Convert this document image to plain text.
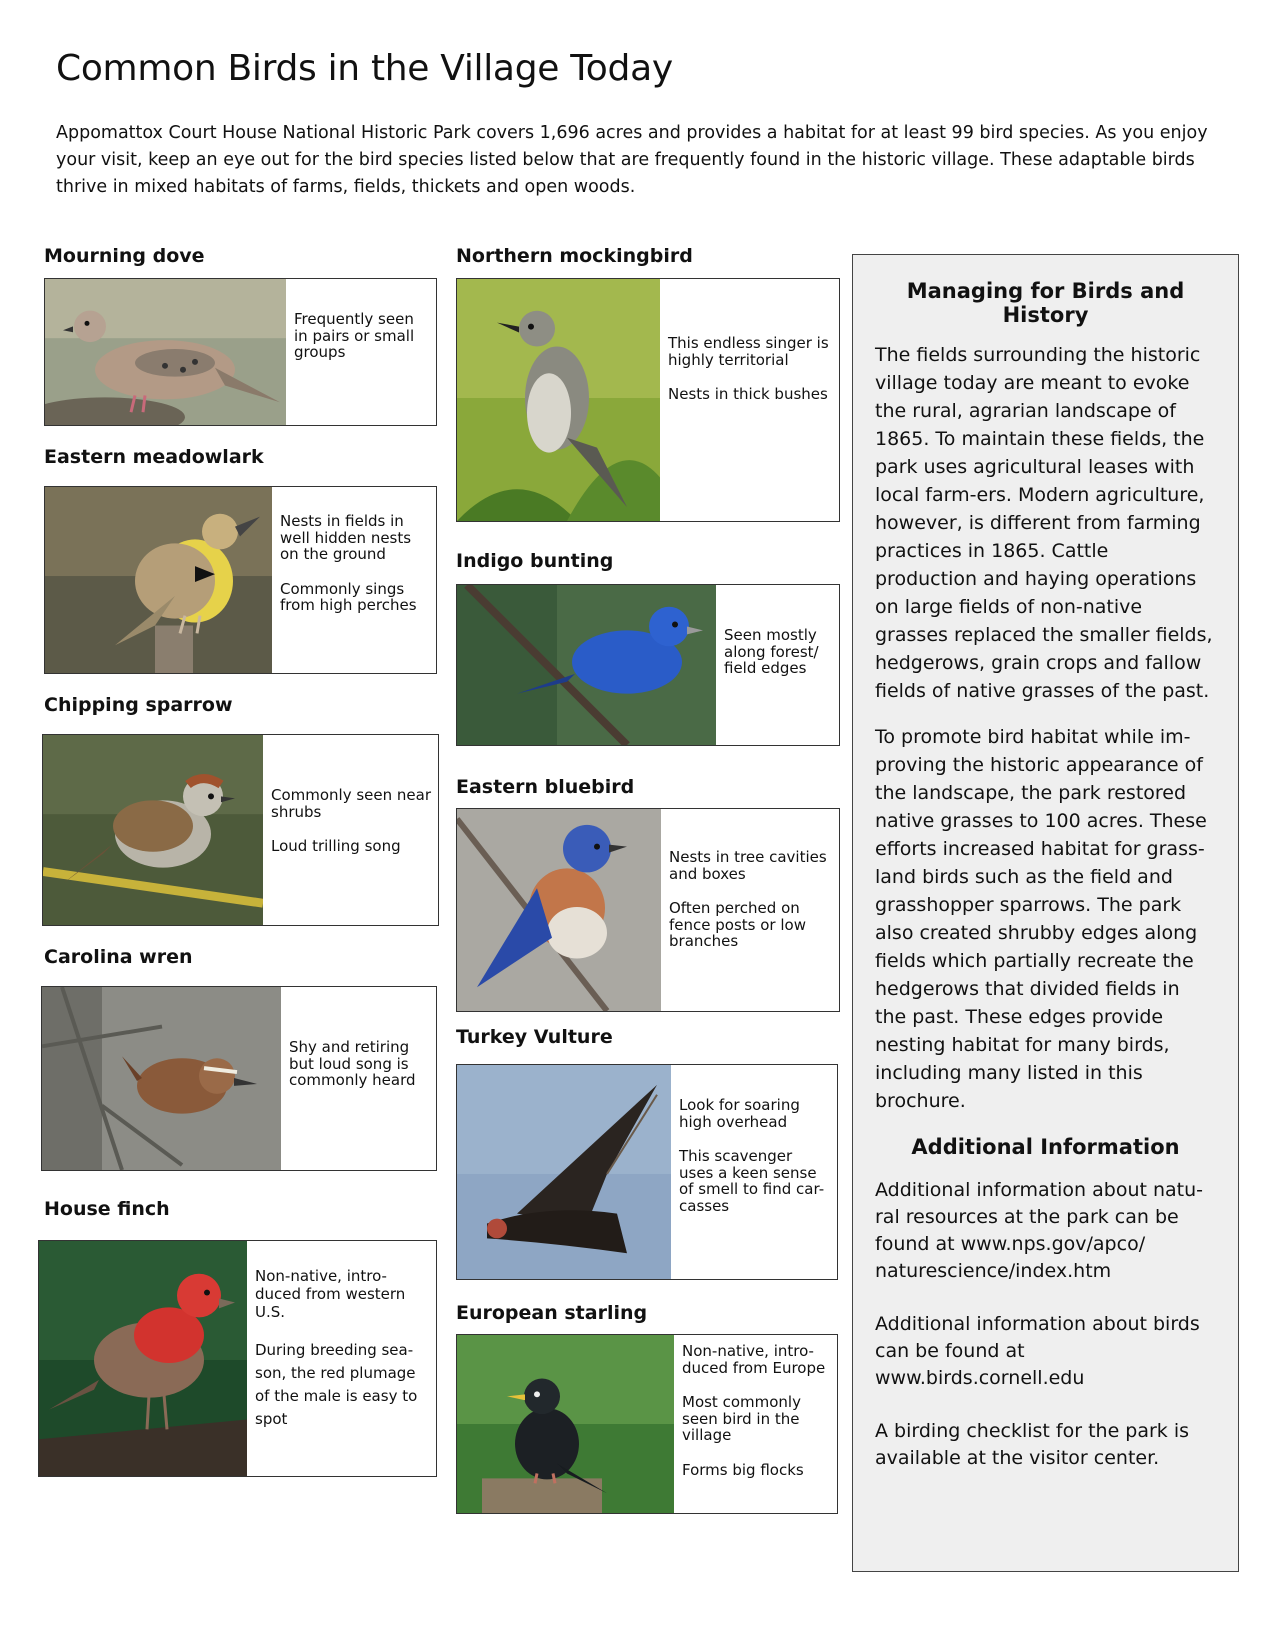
Common Birds in the Village Today
Appomattox Court House National Historic Park covers 1,696 acres and provides a habitat for at least 99 bird species. As you enjoy your visit, keep an eye out for the bird species listed below that are frequently found in the historic village. These adaptable birds thrive in mixed habitats of farms, fields, thickets and open woods.
Mourning dove

Frequently seen in pairs or small groups

Eastern meadowlark

Nests in fields in well hidden nests on the ground

Commonly sings from high perches

Chipping sparrow

Commonly seen near shrubs

Loud trilling song

Carolina wren

Shy and retiring but loud song is commonly heard

House finch

Non-native, intro-duced from western U.S.

During breeding sea-son, the red plumage of the male is easy to spot

Northern mockingbird

This endless singer is highly territorial

Nests in thick bushes

Indigo bunting

Seen mostly along forest/ field edges

Eastern bluebird

Nests in tree cavities and boxes

Often perched on fence posts or low branches

Turkey Vulture

Look for soaring high overhead

This scavenger uses a keen sense of smell to find car-casses

European starling

Non-native, intro-duced from Europe

Most commonly seen bird in the village

Forms big flocks

Managing for Birds and History

The fields surrounding the historic village today are meant to evoke the rural, agrarian landscape of 1865. To maintain these fields, the park uses agricultural leases with local farm-ers. Modern agriculture, however, is different from farming practices in 1865. Cattle production and haying operations on large fields of non-native grasses replaced the smaller fields, hedgerows, grain crops and fallow fields of native grasses of the past.

To promote bird habitat while im-proving the historic appearance of the landscape, the park restored native grasses to 100 acres. These efforts increased habitat for grass-land birds such as the field and grasshopper sparrows. The park also created shrubby edges along fields which partially recreate the hedgerows that divided fields in the past. These edges provide nesting habitat for many birds, including many listed in this brochure.

Additional Information

Additional information about natu-ral resources at the park can be found at www.nps.gov/apco/ naturescience/index.htm

Additional information about birds can be found at www.birds.cornell.edu

A birding checklist for the park is available at the visitor center.
